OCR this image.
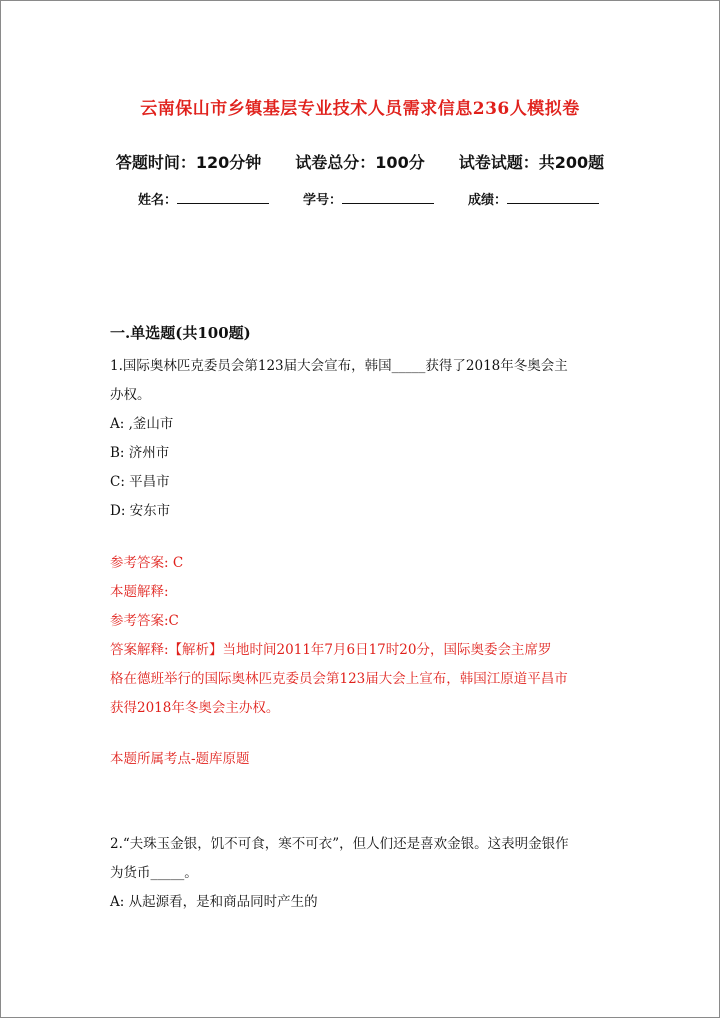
云南保山市乡镇基层专业技术人员需求信息236人模拟卷
答题时间：120分钟 试卷总分：100分 试卷试题：共200题
姓名：	学号：	成绩：
一.单选题(共100题)
1.国际奥林匹克委员会第123届大会宣布，韩国_____获得了2018年冬奥会主
办权。
A: ,釜山市
B: 济州市
C: 平昌市
D: 安东市
参考答案: C
本题解释:
参考答案:C
答案解释:【解析】当地时间2011年7月6日17时20分，国际奥委会主席罗
格在德班举行的国际奥林匹克委员会第123届大会上宣布，韩国江原道平昌市
获得2018年冬奥会主办权。
本题所属考点-题库原题
2.“夫珠玉金银，饥不可食，寒不可衣”，但人们还是喜欢金银。这表明金银作
为货币_____。
A: 从起源看，是和商品同时产生的
